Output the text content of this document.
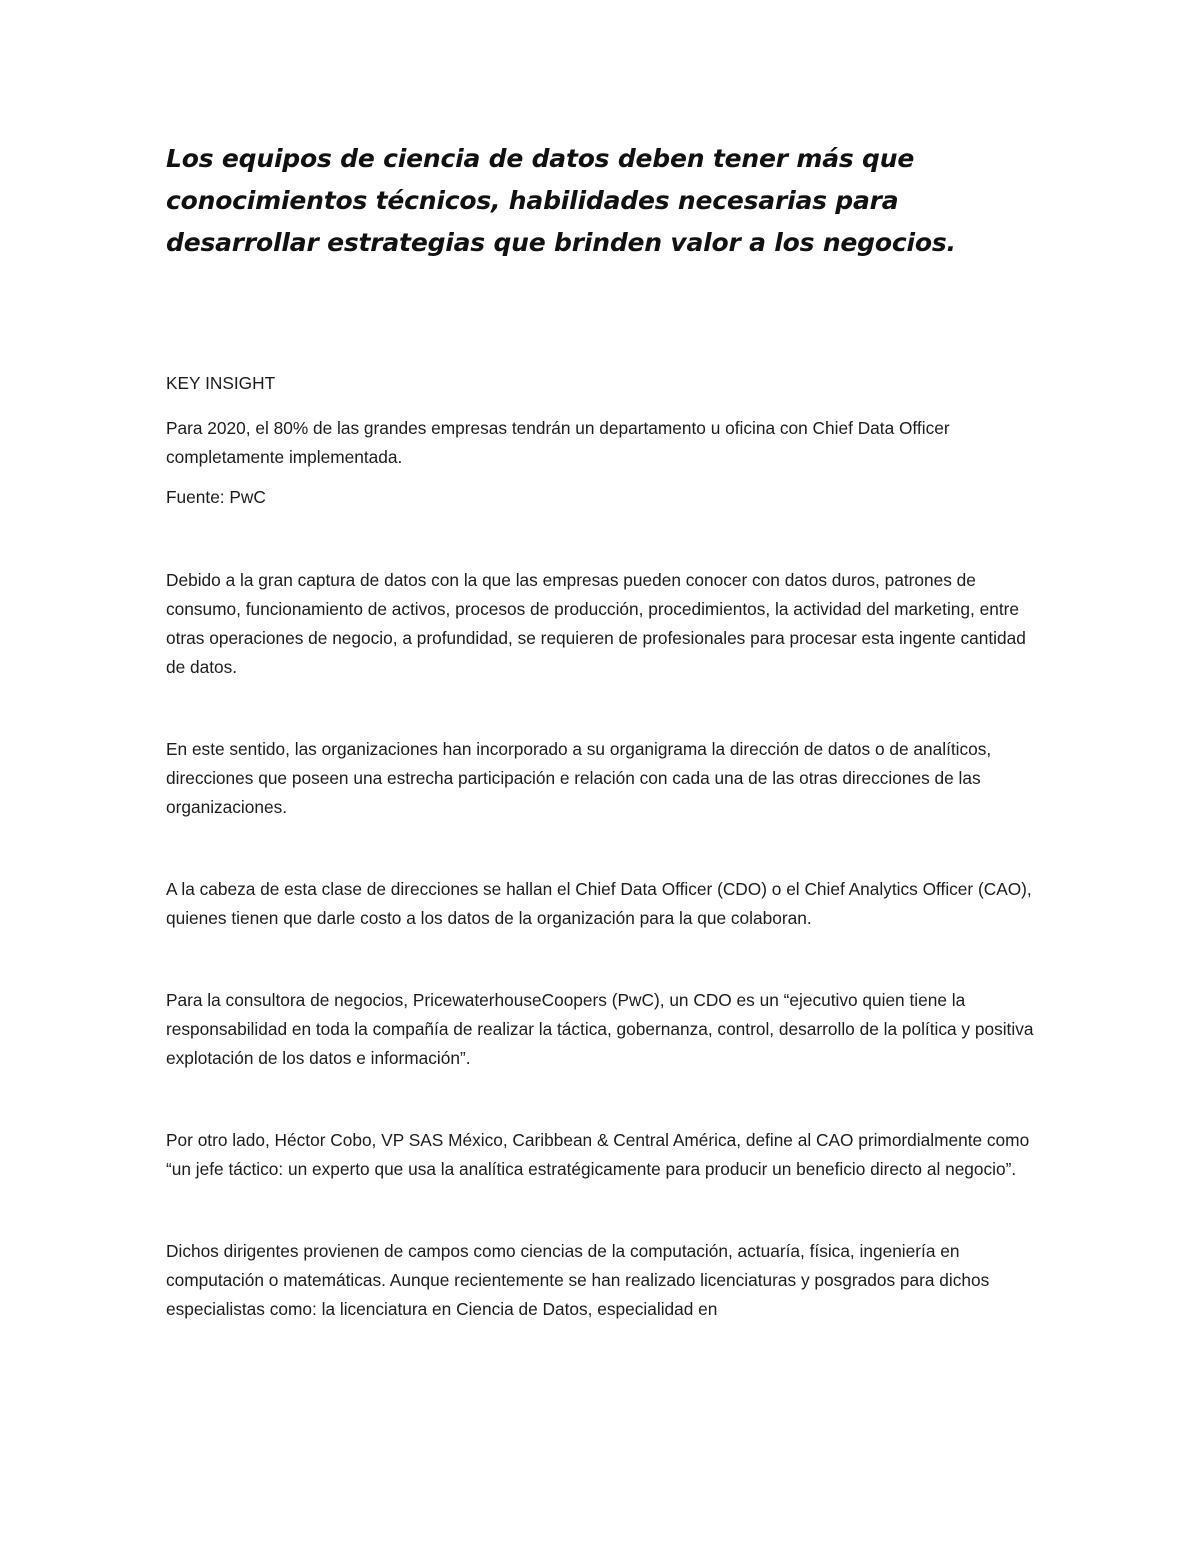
Los equipos de ciencia de datos deben tener más que conocimientos técnicos, habilidades necesarias para desarrollar estrategias que brinden valor a los negocios.

KEY INSIGHT

Para 2020, el 80% de las grandes empresas tendrán un departamento u oficina con Chief Data Officer completamente implementada.

Fuente: PwC

Debido a la gran captura de datos con la que las empresas pueden conocer con datos duros, patrones de consumo, funcionamiento de activos, procesos de producción, procedimientos, la actividad del marketing, entre otras operaciones de negocio, a profundidad, se requieren de profesionales para procesar esta ingente cantidad de datos.

En este sentido, las organizaciones han incorporado a su organigrama la dirección de datos o de analíticos, direcciones que poseen una estrecha participación e relación con cada una de las otras direcciones de las organizaciones.

A la cabeza de esta clase de direcciones se hallan el Chief Data Officer (CDO) o el Chief Analytics Officer (CAO), quienes tienen que darle costo a los datos de la organización para la que colaboran.

Para la consultora de negocios, PricewaterhouseCoopers (PwC), un CDO es un “ejecutivo quien tiene la responsabilidad en toda la compañía de realizar la táctica, gobernanza, control, desarrollo de la política y positiva explotación de los datos e información”.

Por otro lado, Héctor Cobo, VP SAS México, Caribbean & Central América, define al CAO primordialmente como “un jefe táctico: un experto que usa la analítica estratégicamente para producir un beneficio directo al negocio”.

Dichos dirigentes provienen de campos como ciencias de la computación, actuaría, física, ingeniería en computación o matemáticas. Aunque recientemente se han realizado licenciaturas y posgrados para dichos especialistas como: la licenciatura en Ciencia de Datos, especialidad en
